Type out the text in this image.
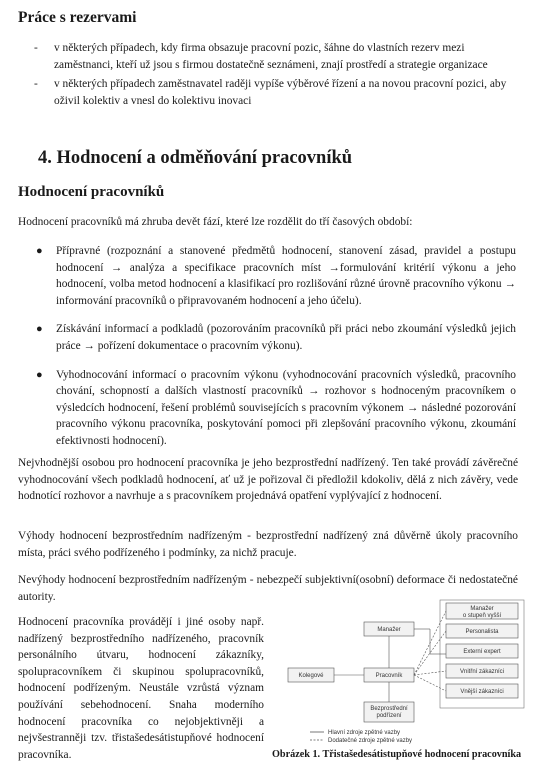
Práce s rezervami
- v některých případech, kdy firma obsazuje pracovní pozic, šáhne do vlastních rezerv mezi zaměstnanci, kteří už jsou s firmou dostatečně seznámeni, znají prostředí a strategie organizace
- v některých případech zaměstnavatel raději vypíše výběrové řízení a na novou pracovní pozici, aby oživil kolektiv a vnesl do kolektivu inovaci
4. Hodnocení a odměňování pracovníků
Hodnocení pracovníků
Hodnocení pracovníků má zhruba devět fází, které lze rozdělit do tří časových období:
● Přípravné (rozpoznání a stanovené předmětů hodnocení, stanovení zásad, pravidel a postupu hodnocení → analýza a specifikace pracovních míst →formulování kritérií výkonu a jeho hodnocení, volba metod hodnocení a klasifikací pro rozlišování různé úrovně pracovního výkonu → informování pracovníků o připravovaném hodnocení a jeho účelu).
● Získávání informací a podkladů (pozorováním pracovníků při práci nebo zkoumání výsledků jejich práce → pořízení dokumentace o pracovním výkonu).
● Vyhodnocování informací o pracovním výkonu (vyhodnocování pracovních výsledků, pracovního chování, schopností a dalších vlastností pracovníků → rozhovor s hodnoceným pracovníkem o výsledcích hodnocení, řešení problémů souvisejících s pracovním výkonem → následné pozorování pracovního výkonu pracovníka, poskytování pomoci při zlepšování pracovního výkonu, zkoumání efektivnosti hodnocení).
Nejvhodnější osobou pro hodnocení pracovníka je jeho bezprostřední nadřízený. Ten také provádí závěrečné vyhodnocování všech podkladů hodnocení, ať už je pořizoval či předložil kdokoliv, dělá z nich závěry, vede hodnotící rozhovor a navrhuje a s pracovníkem projednává opatření vyplývající z hodnocení.
Výhody hodnocení bezprostředním nadřízeným - bezprostřední nadřízený zná důvěrně úkoly pracovního místa, práci svého podřízeného i podmínky, za nichž pracuje.
Nevýhody hodnocení bezprostředním nadřízeným - nebezpečí subjektivní(osobní) deformace či nedostatečné autority.
Hodnocení pracovníka provádějí i jiné osoby např. nadřízený bezprostředního nadřízeného, pracovník personálního útvaru, hodnocení zákazníky, spolupracovníkem či skupinou spolupracovníků, hodnocení podřízeným. Neustále vzrůstá význam používání sebehodnocení. Snaha moderního hodnocení pracovníka co nejobjektivněji a nejvšestranněji tzv. třistašedesátistupňové hodnocení pracovníka.
Manažer
o stupeň vyšší
Personalista
Externí expert
Vnitřní zákazníci
Vnější zákazníci
Manažer
Pracovník
Kolegové
Bezprostřední
podřízení
Hlavní zdroje zpětné vazby
Dodatečné zdroje zpětné vazby
Obrázek 1. Třistašedesátistupňové hodnocení pracovníka
